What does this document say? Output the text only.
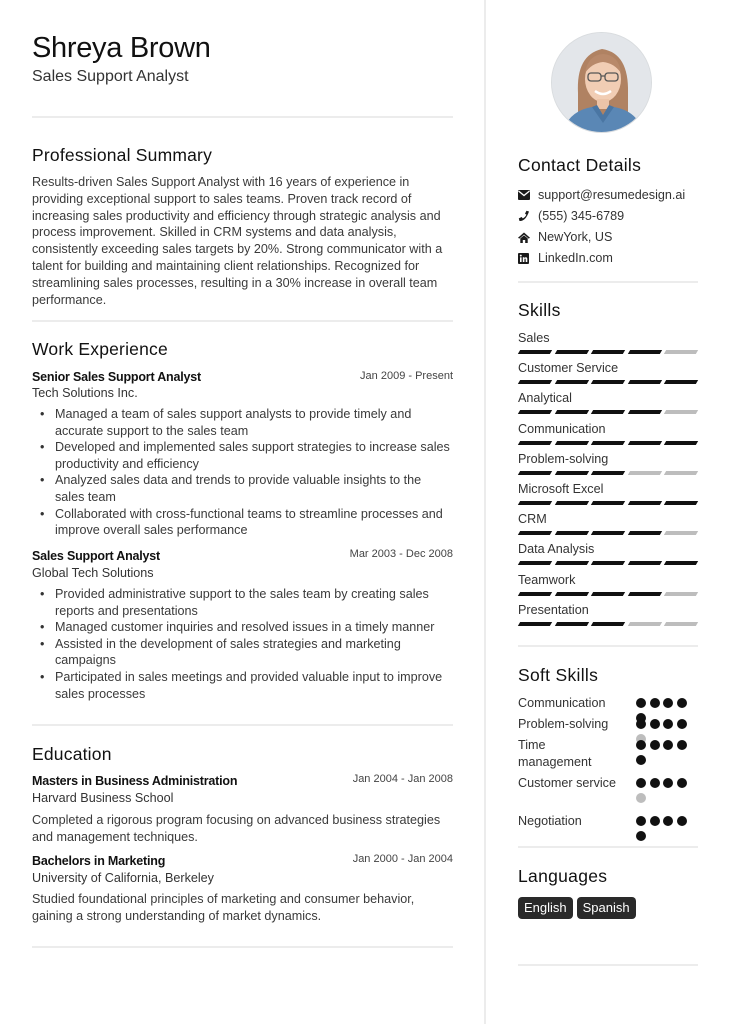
Shreya Brown
Sales Support Analyst
Professional Summary
Results-driven Sales Support Analyst with 16 years of experience in providing exceptional support to sales teams. Proven track record of increasing sales productivity and efficiency through strategic analysis and process improvement. Skilled in CRM systems and data analysis, consistently exceeding sales targets by 20%. Strong communicator with a talent for building and maintaining client relationships. Recognized for streamlining sales processes, resulting in a 30% increase in overall team performance.
Work Experience
Senior Sales Support Analyst	Jan 2009 - Present
Tech Solutions Inc.
• Managed a team of sales support analysts to provide timely and accurate support to the sales team
• Developed and implemented sales support strategies to increase sales productivity and efficiency
• Analyzed sales data and trends to provide valuable insights to the sales team
• Collaborated with cross-functional teams to streamline processes and improve overall sales performance
Sales Support Analyst	Mar 2003 - Dec 2008
Global Tech Solutions
• Provided administrative support to the sales team by creating sales reports and presentations
• Managed customer inquiries and resolved issues in a timely manner
• Assisted in the development of sales strategies and marketing campaigns
• Participated in sales meetings and provided valuable input to improve sales processes
Education
Masters in Business Administration	Jan 2004 - Jan 2008
Harvard Business School
Completed a rigorous program focusing on advanced business strategies and management techniques.
Bachelors in Marketing	Jan 2000 - Jan 2004
University of California, Berkeley
Studied foundational principles of marketing and consumer behavior, gaining a strong understanding of market dynamics.
Contact Details
support@resumedesign.ai
(555) 345-6789
NewYork, US
LinkedIn.com
Skills
Sales
Customer Service
Analytical
Communication
Problem-solving
Microsoft Excel
CRM
Data Analysis
Teamwork
Presentation
Soft Skills
Communication
Problem-solving
Time management
Customer service
Negotiation
Languages
English	Spanish
